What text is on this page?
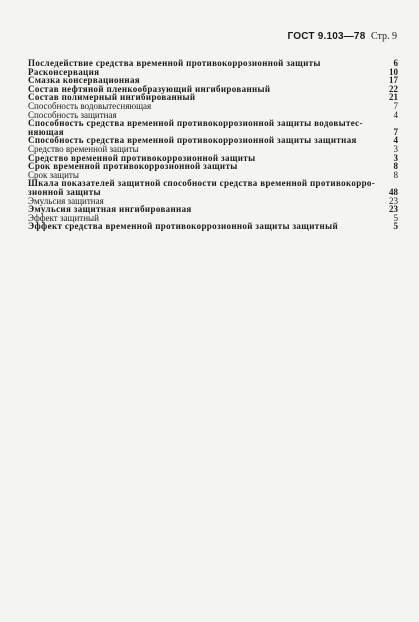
ГОСТ 9.103—78 Стр. 9
Последействие средства временной противокоррозионной защиты	6
Расконсервация	10
Смазка консервационная	17
Состав нефтяной пленкообразующий ингибированный	22
Состав полимерный ингибированный	21
Способность водовытесняющая	7
Способность защитная	4
Способность средства временной противокоррозионной защиты водовытес-
няющая	7
Способность средства временной противокоррозионной защиты защитная	4
Средство временной защиты	3
Средство временной противокоррозионной защиты	3
Срок временной противокоррозионной защиты	8
Срок защиты	8
Шкала показателей защитной способности средства временной противокорро-
зионной защиты	48
Эмульсия защитная	23
Эмульсия защитная ингибированная	23
Эффект защитный	5
Эффект средства временной противокоррозионной защиты защитный	5
